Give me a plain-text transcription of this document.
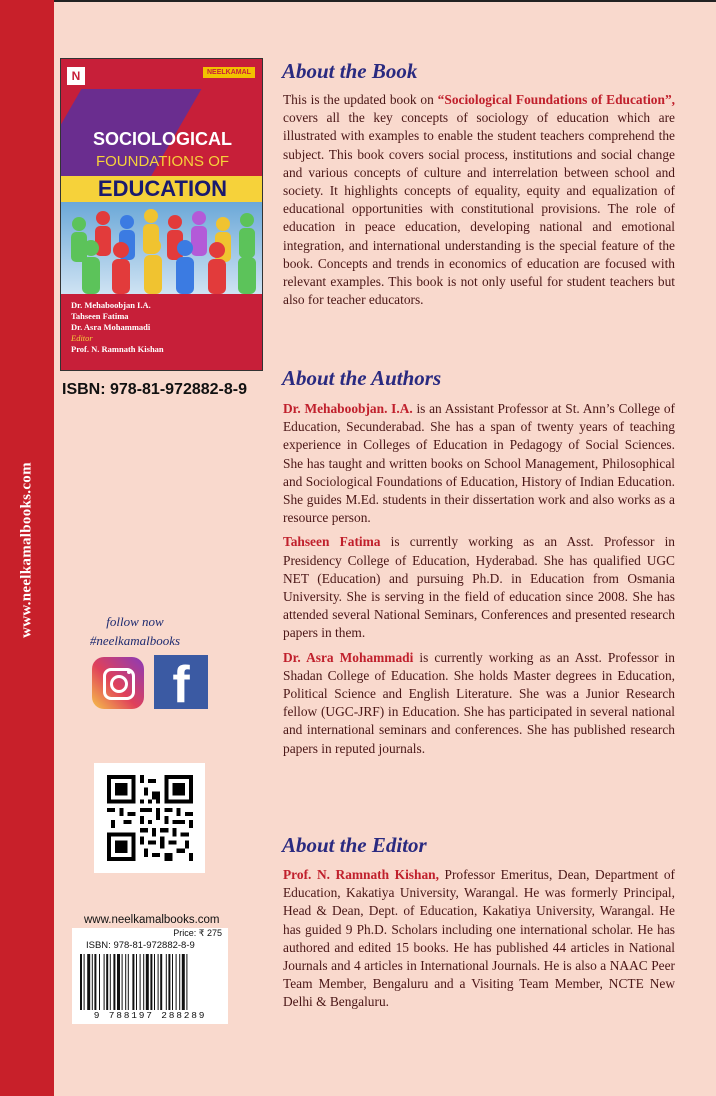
www.neelkamalbooks.com
N	NEELKAMAL
SOCIOLOGICAL
FOUNDATIONS OF
EDUCATION
Dr. Mehaboobjan I.A.
Tahseen Fatima
Dr. Asra Mohammadi
Editor
Prof. N. Ramnath Kishan
ISBN: 978-81-972882-8-9
follow now
#neelkamalbooks
f
www.neelkamalbooks.com
Price: ₹ 275
ISBN: 978-81-972882-8-9
9 788197 288289
About the Book

This is the updated book on “Sociological Foundations of Education”, covers all the key concepts of sociology of education which are illustrated with examples to enable the student teachers comprehend the subject. This book covers social process, institutions and social change and various concepts of culture and interrelation between school and society. It highlights concepts of equality, equity and equalization of educational opportunities with constitutional provisions. The role of education in peace education, developing national and emotional integration, and international understanding is the special feature of the book. Concepts and trends in economics of education are focused with relevant examples. This book is not only useful for student teachers but also for teacher educators.

About the Authors

Dr. Mehaboobjan. I.A. is an Assistant Professor at St. Ann’s College of Education, Secunderabad. She has a span of twenty years of teaching experience in Colleges of Education in Pedagogy of Social Sciences. She has taught and written books on School Management, Philosophical and Sociological Foundations of Education, History of Indian Education. She guides M.Ed. students in their dissertation work and also works as a resource person.

Tahseen Fatima is currently working as an Asst. Professor in Presidency College of Education, Hyderabad. She has qualified UGC NET (Education) and pursuing Ph.D. in Education from Osmania University. She is serving in the field of education since 2008. She has attended several National Seminars, Conferences and presented research papers in them.

Dr. Asra Mohammadi is currently working as an Asst. Professor in Shadan College of Education. She holds Master degrees in Education, Political Science and English Literature. She was a Junior Research fellow (UGC-JRF) in Education. She has participated in several national and international seminars and conferences. She has published research papers in reputed journals.

About the Editor

Prof. N. Ramnath Kishan, Professor Emeritus, Dean, Department of Education, Kakatiya University, Warangal. He was formerly Principal, Head & Dean, Dept. of Education, Kakatiya University, Warangal. He has guided 9 Ph.D. Scholars including one international scholar. He has authored and edited 15 books. He has published 44 articles in National Journals and 4 articles in International Journals. He is also a NAAC Peer Team Member, Bengaluru and a Visiting Team Member, NCTE New Delhi & Bengaluru.
